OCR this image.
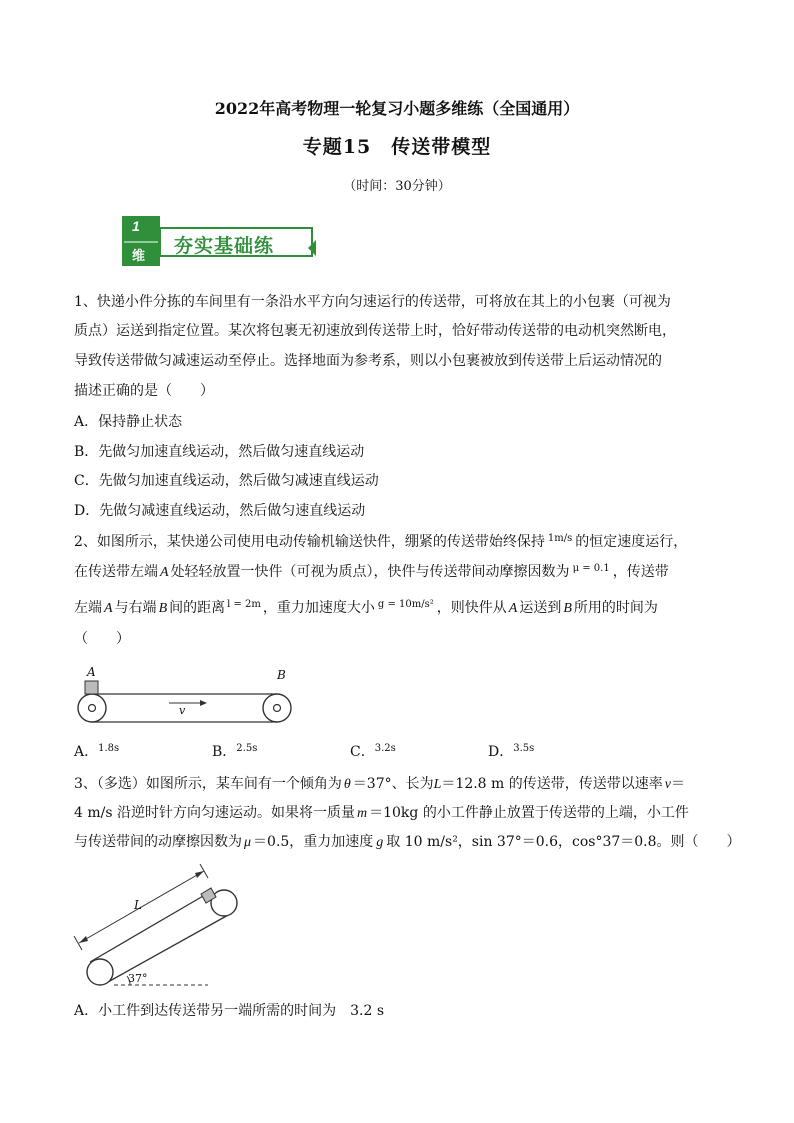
2022年高考物理一轮复习小题多维练（全国通用）
专题15　传送带模型
（时间：30分钟）
1
维 夯实基础练
1、快递小件分拣的车间里有一条沿水平方向匀速运行的传送带，可将放在其上的小包裹（可视为
质点）运送到指定位置。某次将包裹无初速放到传送带上时，恰好带动传送带的电动机突然断电，
导致传送带做匀减速运动至停止。选择地面为参考系，则以小包裹被放到传送带上后运动情况的
描述正确的是（　　）
A．保持静止状态
B．先做匀加速直线运动，然后做匀速直线运动
C．先做匀加速直线运动，然后做匀减速直线运动
D．先做匀减速直线运动，然后做匀速直线运动
2、如图所示，某快递公司使用电动传输机输送快件，绷紧的传送带始终保持 $^{1m/s}$ 的恒定速度运行，
在传送带左端 A 处轻轻放置一快件（可视为质点），快件与传送带间动摩擦因数为 $^{\mu = 0.1}$ ，传送带
左端 A 与右端 B 间的距离 $^{l = 2m}$ ，重力加速度大小 $^{g = 10m/s^2}$ ，则快件从 A 运送到 B 所用的时间为
（　　）
A	B
v
A．$^{1.8s}$	B．$^{2.5s}$	C．$^{3.2s}$	D．$^{3.5s}$
3、（多选）如图所示，某车间有一个倾角为 θ ＝37°、长为L＝12.8 m 的传送带，传送带以速率 v＝
4 m/s 沿逆时针方向匀速运动。如果将一质量 m ＝10kg 的小工件静止放置于传送带的上端，小工件
与传送带间的动摩擦因数为 μ ＝0.5，重力加速度 g 取 10 m/s²，sin 37°＝0.6，cos°37＝0.8。则（　　）
L
37°
A．小工件到达传送带另一端所需的时间为　3.2 s
